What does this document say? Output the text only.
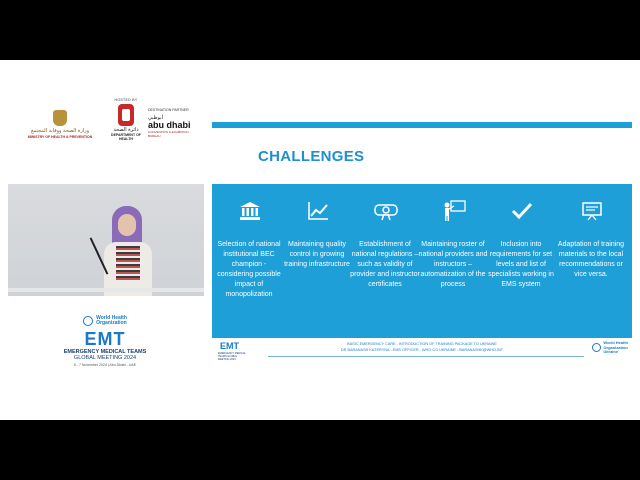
وزارة الصحة ووقاية المجتمع
MINISTRY OF HEALTH & PREVENTION
HOSTED BY
دائرة الصحة
DEPARTMENT OF HEALTH
DESTINATION PARTNER
أبوظبي
abu dhabi
CONVENTION & EXHIBITION BUREAU
World Health
Organization
EMT
EMERGENCY MEDICAL TEAMS
GLOBAL MEETING 2024
5 - 7 November 2024 | Abu Dhabi - UAE
CHALLENGES
Selection of national institutional BEC champion - considering possible impact of monopolization
Maintaining quality control in growing training infrastructure
Establishment of national regulations – such as validity of provider and instructor certificates
Maintaining roster of national providers and instructors – automatization of the process
Inclusion into requirements for set levels and list of specialists working in EMS system
Adaptation of training materials to the local recommendations or vice versa.
EMT
EMERGENCY MEDICAL TEAMS GLOBAL MEETING 2024
BASIC EMERGENCY CARE - INTRODUCTION OF TRAINING PACKAGE TO UKRAINE
DR BARANASH KATERYNA - EMS OFFICER - WHO CO UKRAINE - BARANASHK@WHO.INT
World Health
Organization
Ukraine
